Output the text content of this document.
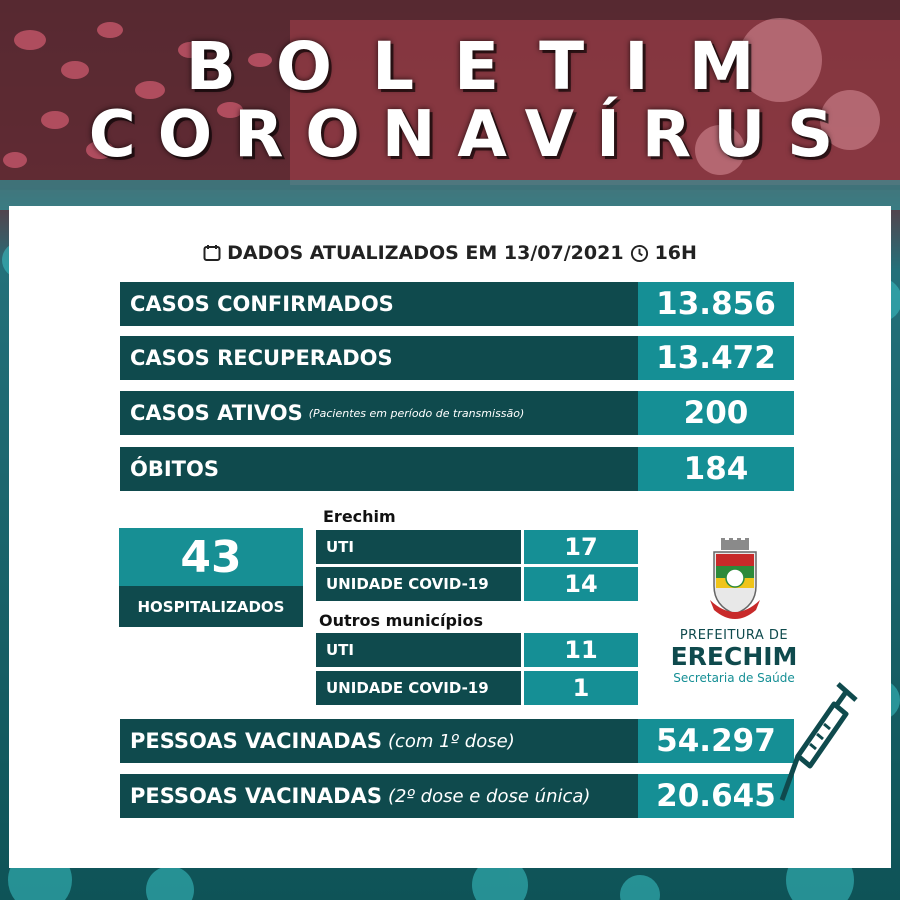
BOLETIM
CORONAVÍRUS
DADOS ATUALIZADOS EM 13/07/2021 16H
CASOS CONFIRMADOS	13.856
CASOS RECUPERADOS	13.472
CASOS ATIVOS (Pacientes em período de transmissão)	200
ÓBITOS	184
43
HOSPITALIZADOS
Erechim
UTI	17
UNIDADE COVID-19	14
Outros municípios
UTI	11
UNIDADE COVID-19	1
PREFEITURA DE
ERECHIM
Secretaria de Saúde
PESSOAS VACINADAS (com 1º dose)	54.297
PESSOAS VACINADAS (2º dose e dose única)	20.645
